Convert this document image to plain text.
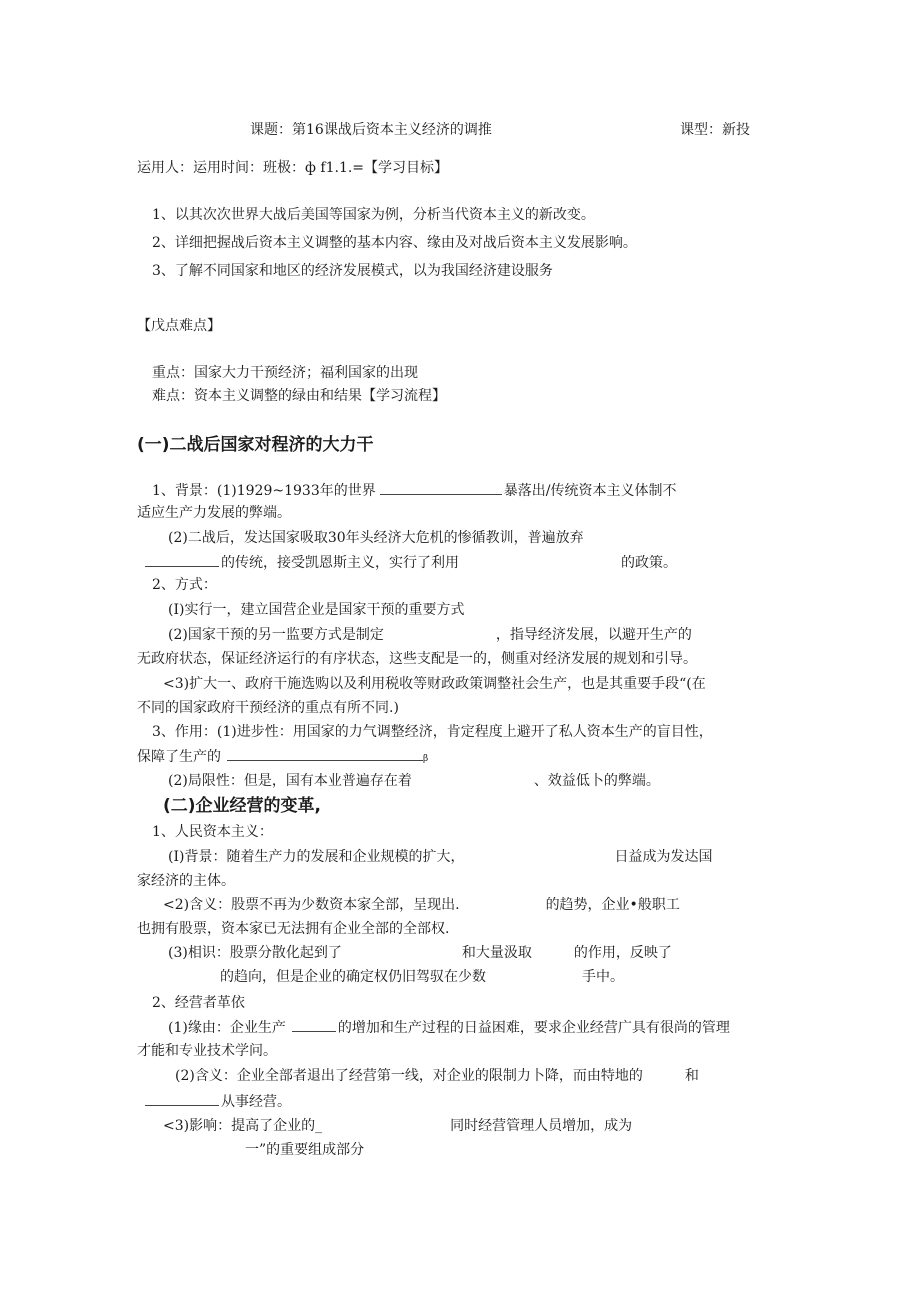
课题：第16课战后资本主义经济的调推	课型：新投
运用人：运用时间：班极：ф f1.1.=【学习目标】
1、以其次次世界大战后美国等国家为例，分析当代资本主义的新改变。
2、详细把握战后资本主义调整的基本内容、缘由及对战后资本主义发展影响。
3、了解不同国家和地区的经济发展模式，以为我国经济建设服务
【戊点难点】
重点：国家大力干预经济；福利国家的出现
难点：资本主义调整的绿由和结果【学习流程】
(一)二战后国家对程济的大力干
1、背景：(1)1929~1933年的世界	暴落出/传统资本主义体制不
适应生产力发展的弊端。
(2)二战后，发达国家吸取30年头经济大危机的惨循教训，普遍放弃
的传统，接受凯恩斯主义，实行了利用	的政策。
2、方式：
(I)实行一，建立国营企业是国家干预的重要方式
(2)国家干预的另一监要方式是制定	，指导经济发展，以避开生产的
无政府状态，保证经济运行的有序状态，这些支配是一的，侧重对经济发展的规划和引导。
<3)扩大一、政府干施选购以及利用税收等财政政策调整社会生产，也是其重要手段“(在
不同的国家政府干预经济的重点有所不同.)
3、作用：(1)进步性：用国家的力气调整经济，肯定程度上避开了私人资本生产的盲目性，
保障了生产的	β
(2)局限性：但是，国有本业普遍存在着	、效益低卜的弊端。
(二)企业经营的变革,
1、人民资本主义：
(I)背景：随着生产力的发展和企业规模的扩大，	日益成为发达国
家经济的主体。
<2)含义：股票不再为少数资本家全部，呈现出.	的趋势，企业•般职工
也拥有股票，资本家已无法拥有企业全部的全部权.
(3)相识：股票分散化起到了	和大量汲取	的作用，反映了
的趋向，但是企业的确定权仍旧驾驭在少数	手中。
2、经营者革依
(1)缘由：企业生产	的增加和生产过程的日益困难，要求企业经营广具有很尚的管理
才能和专业技术学问。
(2)含义：企业全部者退出了经营第一线，对企业的限制力卜降，而由特地的	和
从事经营。
<3)影响：提高了企业的_	同时经营管理人员增加，成为
一”的重要组成部分
